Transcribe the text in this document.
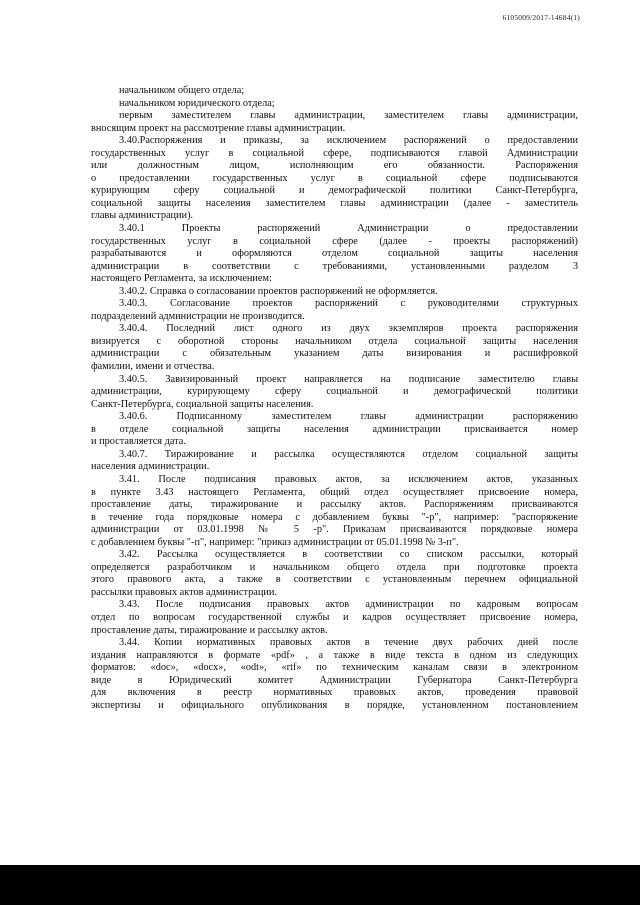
6105009/2017-14684(1)
начальником общего отдела;
начальником юридического отдела;
первым заместителем главы администрации, заместителем главы администрации,
вносящим проект на рассмотрение главы администрации.
3.40.Распоряжения и приказы, за исключением распоряжений о предоставлении
государственных услуг в социальной сфере, подписываются главой Администрации
или должностным лицом, исполняющим его обязанности. Распоряжения
о предоставлении государственных услуг в социальной сфере подписываются
курирующим сферу социальной и демографической политики Санкт-Петербурга,
социальной защиты населения заместителем главы администрации (далее - заместитель
главы администрации).
3.40.1 Проекты распоряжений Администрации о предоставлении
государственных услуг в социальной сфере (далее - проекты распоряжений)
разрабатываются и оформляются отделом социальной защиты населения
администрации в соответствии с требованиями, установленными разделом 3
настоящего Регламента, за исключением:
3.40.2. Справка о согласовании проектов распоряжений не оформляется.
3.40.3. Согласование проектов распоряжений с руководителями структурных
подразделений администрации не производится.
3.40.4. Последний лист одного из двух экземпляров проекта распоряжения
визируется с оборотной стороны начальником отдела социальной защиты населения
администрации с обязательным указанием даты визирования и расшифровкой
фамилии, имени и отчества.
3.40.5. Завизированный проект направляется на подписание заместителю главы
администрации, курирующему сферу социальной и демографической политики
Санкт-Петербурга, социальной защиты населения.
3.40.6. Подписанному заместителем главы администрации распоряжению
в отделе социальной защиты населения администрации присваивается номер
и проставляется дата.
3.40.7. Тиражирование и рассылка осуществляются отделом социальной защиты
населения администрации.
3.41. После подписания правовых актов, за исключением актов, указанных
в пункте 3.43 настоящего Регламента, общий отдел осуществляет присвоение номера,
проставление даты, тиражирование и рассылку актов. Распоряжениям присваиваются
в течение года порядковые номера с добавлением буквы "-р", например: "распоряжение
администрации от 03.01.1998 № 5 -р". Приказам присваиваются порядковые номера
с добавлением буквы "-п", например: "приказ администрации от 05.01.1998 № 3-п".
3.42. Рассылка осуществляется в соответствии со списком рассылки, который
определяется разработчиком и начальником общего отдела при подготовке проекта
этого правового акта, а также в соответствии с установленным перечнем официальной
рассылки правовых актов администрации.
3.43. После подписания правовых актов администрации по кадровым вопросам
отдел по вопросам государственной службы и кадров осуществляет присвоение номера,
проставление даты, тиражирование и рассылку актов.
3.44. Копии нормативных правовых актов в течение двух рабочих дней после
издания направляются в формате «pdf» , а также в виде текста в одном из следующих
форматов: «doc», «docx», «odt», «rtf» по техническим каналам связи в электронном
виде в Юридический комитет Администрации Губернатора Санкт-Петербурга
для включения в реестр нормативных правовых актов, проведения правовой
экспертизы и официального опубликования в порядке, установленном постановлением
